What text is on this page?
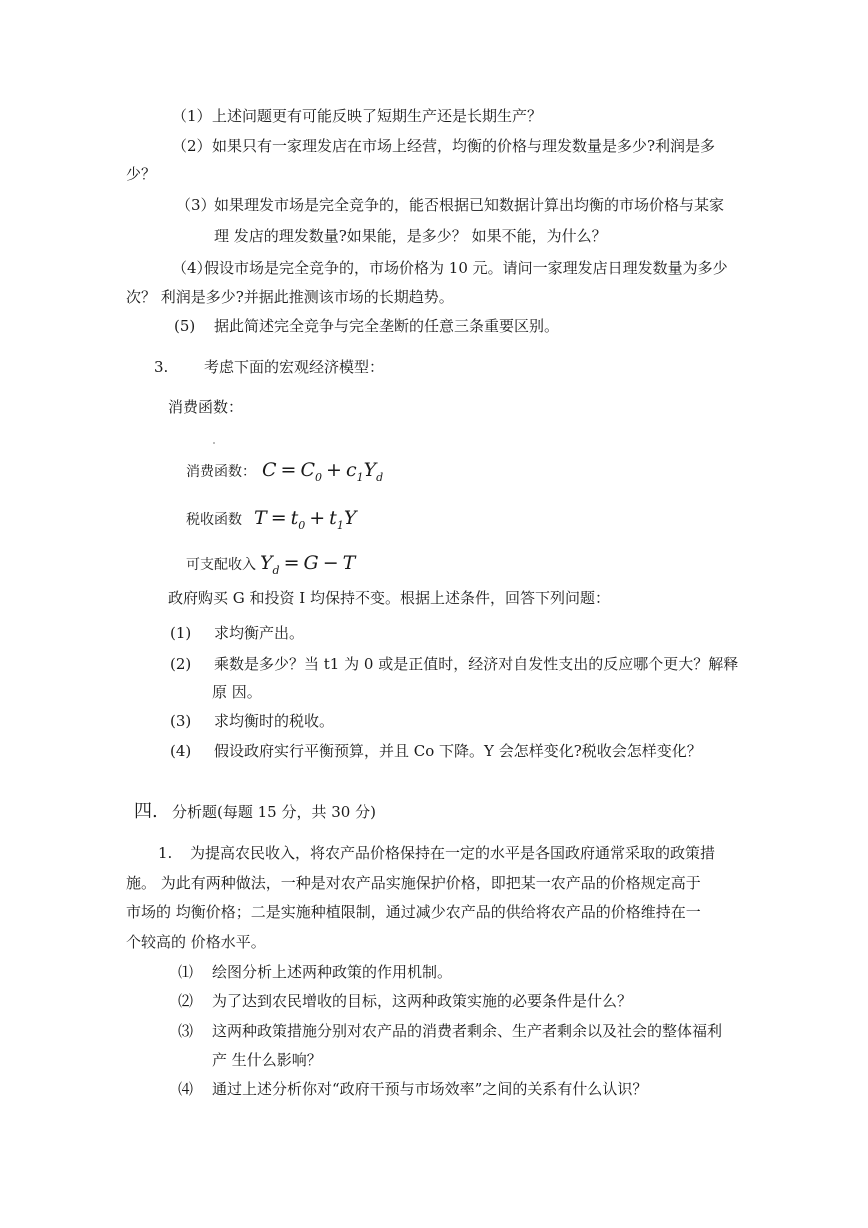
（1）上述问题更有可能反映了短期生产还是长期生产？
（2）如果只有一家理发店在市场上经营，均衡的价格与理发数量是多少?利润是多
少？
（3）如果理发市场是完全竞争的，能否根据已知数据计算出均衡的市场价格与某家
理 发店的理发数量?如果能，是多少？ 如果不能，为什么？
（4）假设市场是完全竞争的，市场价格为 10 元。请问一家理发店日理发数量为多少
次？ 利润是多少?并据此推测该市场的长期趋势。
(5) 据此简述完全竞争与完全垄断的任意三条重要区别。
3. 考虑下面的宏观经济模型：
消费函数：
消费函数： $C = C_0 + c_1Y_d$
税收函数 $T = t_0 + t_1Y$
可支配收入 $Y_d = G - T$
政府购买 G 和投资 I 均保持不变。根据上述条件，回答下列问题：
(1) 求均衡产出。
(2) 乘数是多少？当 t1 为 0 或是正值时，经济对自发性支出的反应哪个更大？解释
原 因。
(3) 求均衡时的税收。
(4) 假设政府实行平衡预算，并且 Co 下降。Y 会怎样变化?税收会怎样变化？
四. 分析题(每题 15 分，共 30 分)
1. 为提高农民收入，将农产品价格保持在一定的水平是各国政府通常采取的政策措
施。 为此有两种做法，一种是对农产品实施保护价格，即把某一农产品的价格规定高于
市场的 均衡价格；二是实施种植限制，通过减少农产品的供给将农产品的价格维持在一
个较高的 价格水平。
⑴ 绘图分析上述两种政策的作用机制。
⑵ 为了达到农民增收的目标，这两种政策实施的必要条件是什么？
⑶ 这两种政策措施分别对农产品的消费者剩余、生产者剩余以及社会的整体福利
产 生什么影响？
⑷ 通过上述分析你对“政府干预与市场效率”之间的关系有什么认识？
